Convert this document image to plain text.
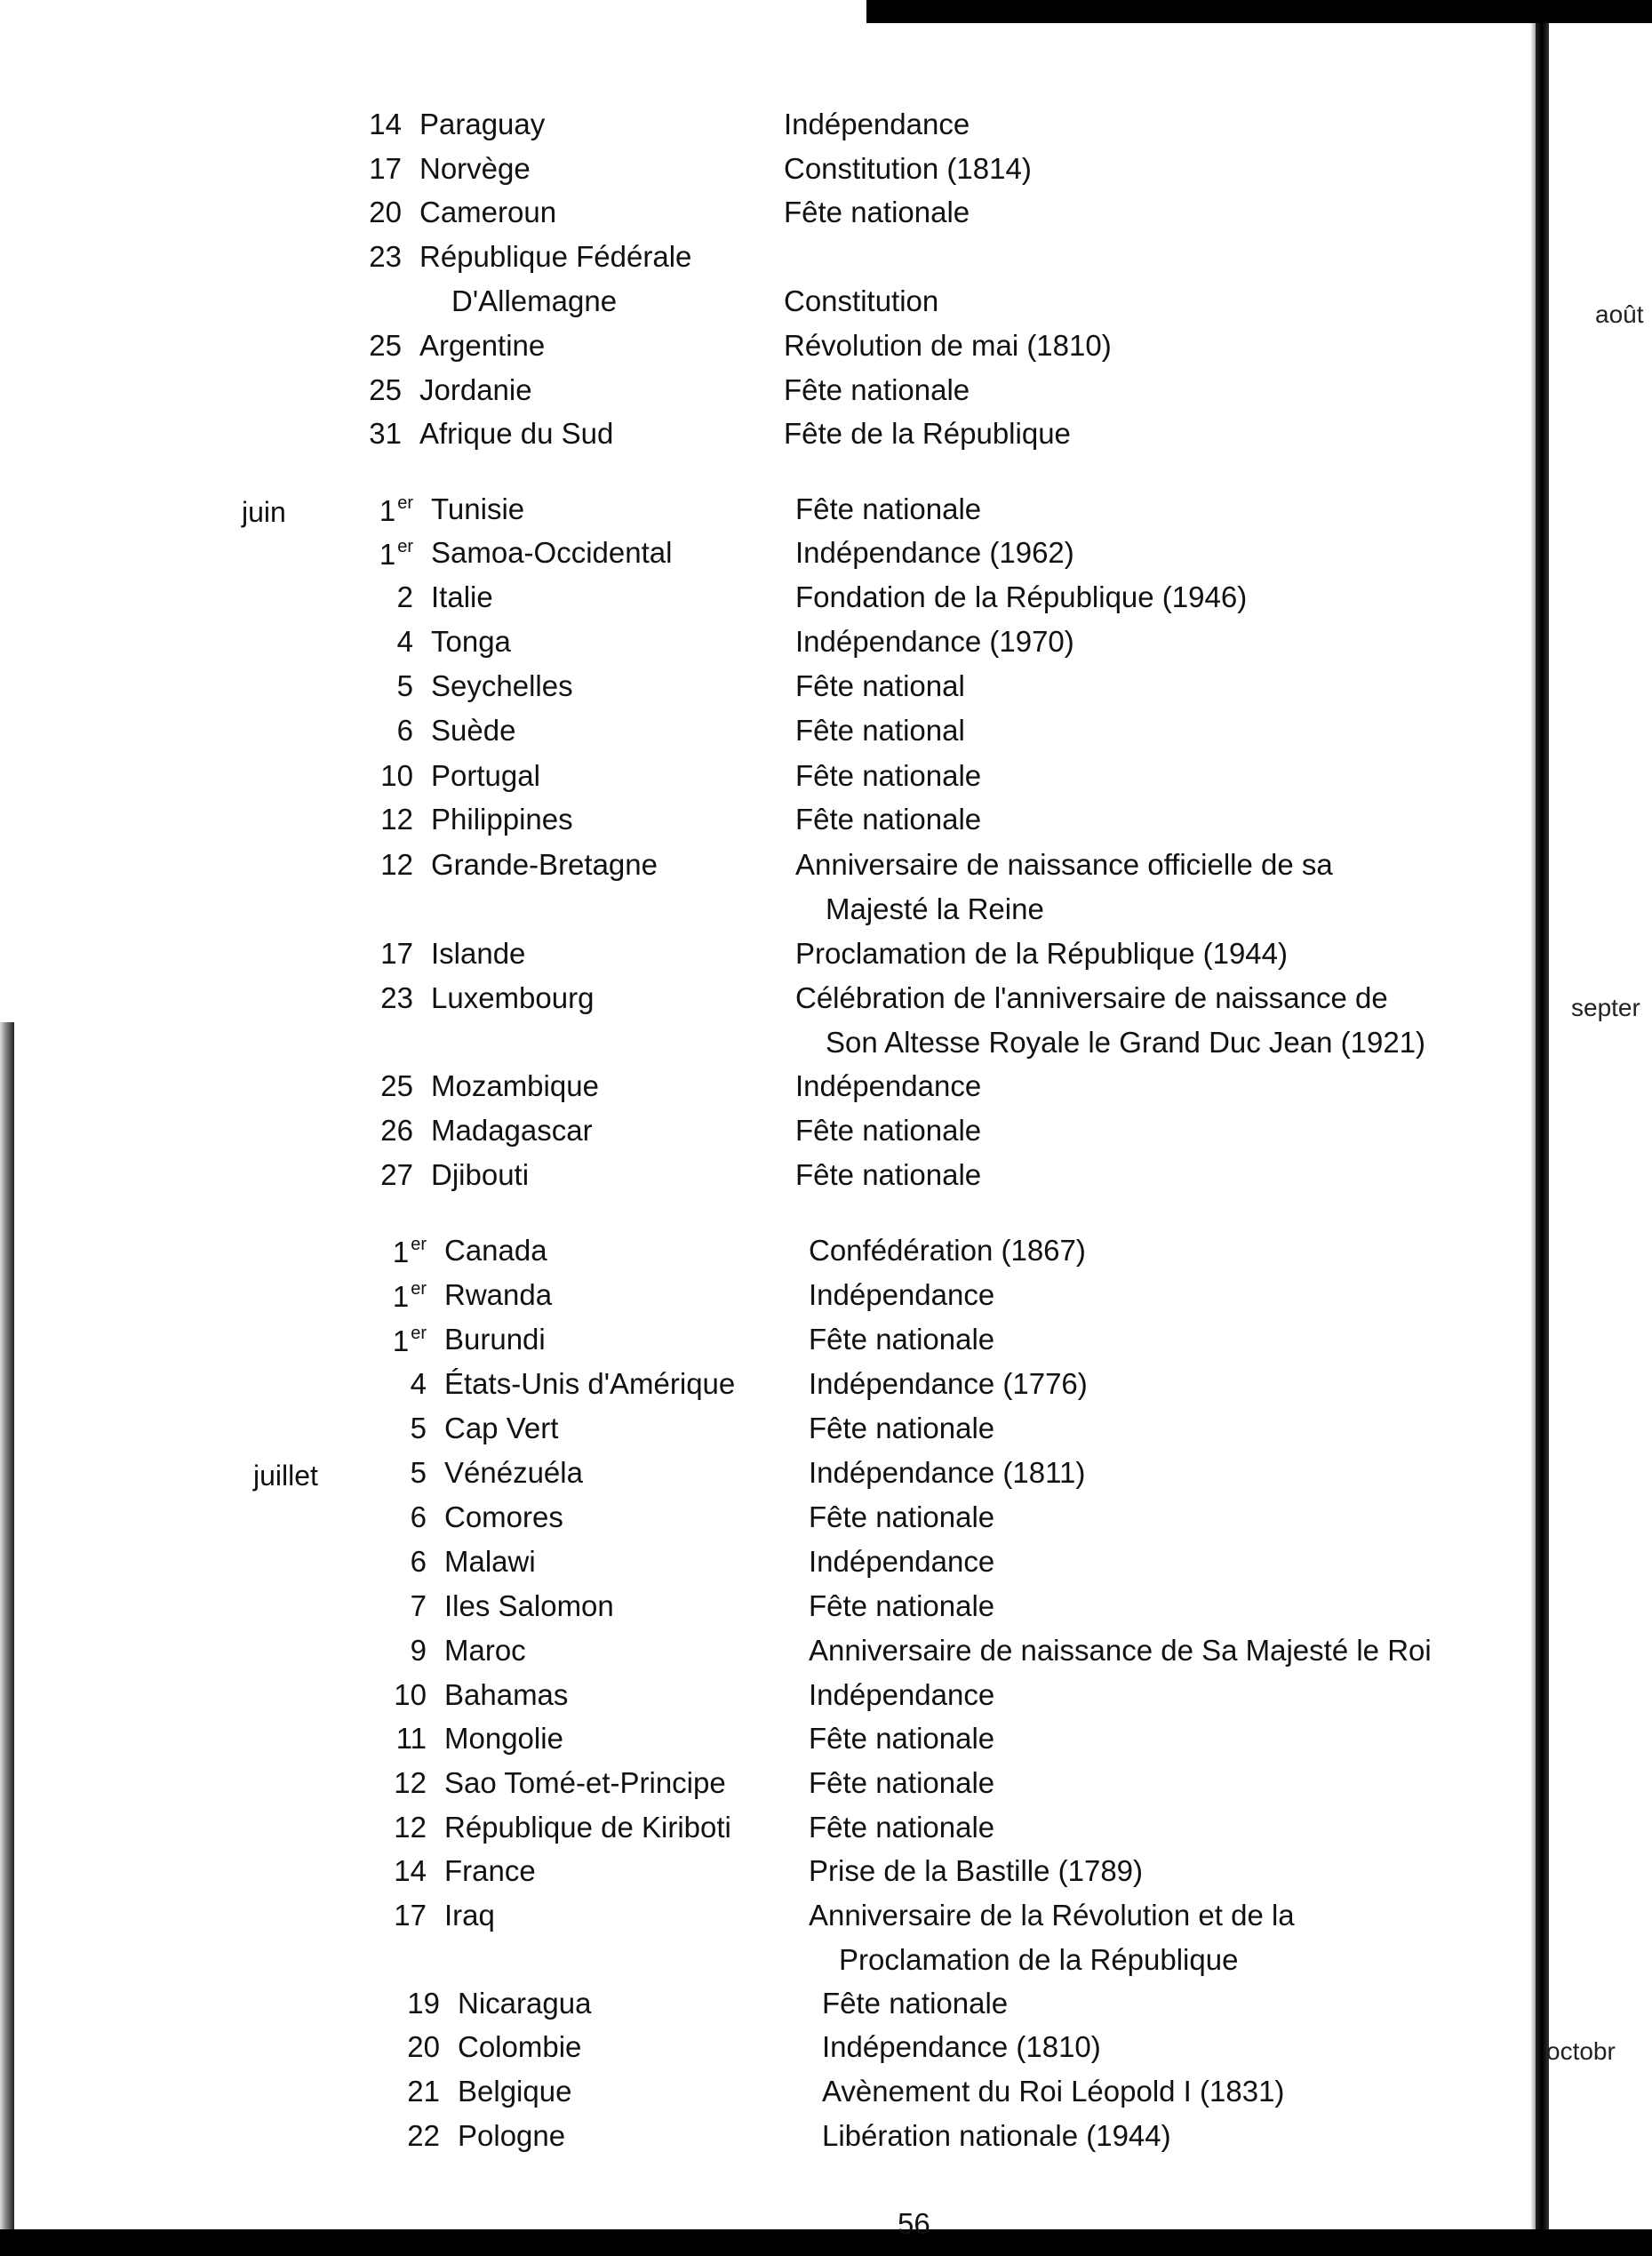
août
septer
octobr
14 Paraguay	Indépendance
17 Norvège	Constitution (1814)
20 Cameroun	Fête nationale
23 République Fédérale
D'Allemagne	Constitution
25 Argentine	Révolution de mai (1810)
25 Jordanie	Fête nationale
31 Afrique du Sud	Fête de la République
1 $^{er}$ Tunisie	Fête nationale
1 $^{er}$ Samoa-Occidental	Indépendance (1962)
2 Italie	Fondation de la République (1946)
4 Tonga	Indépendance (1970)
5 Seychelles	Fête national
6 Suède	Fête national
10 Portugal	Fête nationale
12 Philippines	Fête nationale
12 Grande-Bretagne	Anniversaire de naissance officielle de sa
Majesté la Reine
17 Islande	Proclamation de la République (1944)
23 Luxembourg	Célébration de l'anniversaire de naissance de
Son Altesse Royale le Grand Duc Jean (1921)
25 Mozambique	Indépendance
26 Madagascar	Fête nationale
27 Djibouti	Fête nationale
1 $^{er}$ Canada	Confédération (1867)
1 $^{er}$ Rwanda	Indépendance
1 $^{er}$ Burundi	Fête nationale
4 États-Unis d'Amérique	Indépendance (1776)
5 Cap Vert	Fête nationale
5 Vénézuéla	Indépendance (1811)
6 Comores	Fête nationale
6 Malawi	Indépendance
7 Iles Salomon	Fête nationale
9 Maroc	Anniversaire de naissance de Sa Majesté le Roi
10 Bahamas	Indépendance
11 Mongolie	Fête nationale
12 Sao Tomé-et-Principe	Fête nationale
12 République de Kiriboti	Fête nationale
14 France	Prise de la Bastille (1789)
17 Iraq	Anniversaire de la Révolution et de la
Proclamation de la République
19 Nicaragua	Fête nationale
20 Colombie	Indépendance (1810)
21 Belgique	Avènement du Roi Léopold I (1831)
22 Pologne	Libération nationale (1944)
juin
juillet
56
